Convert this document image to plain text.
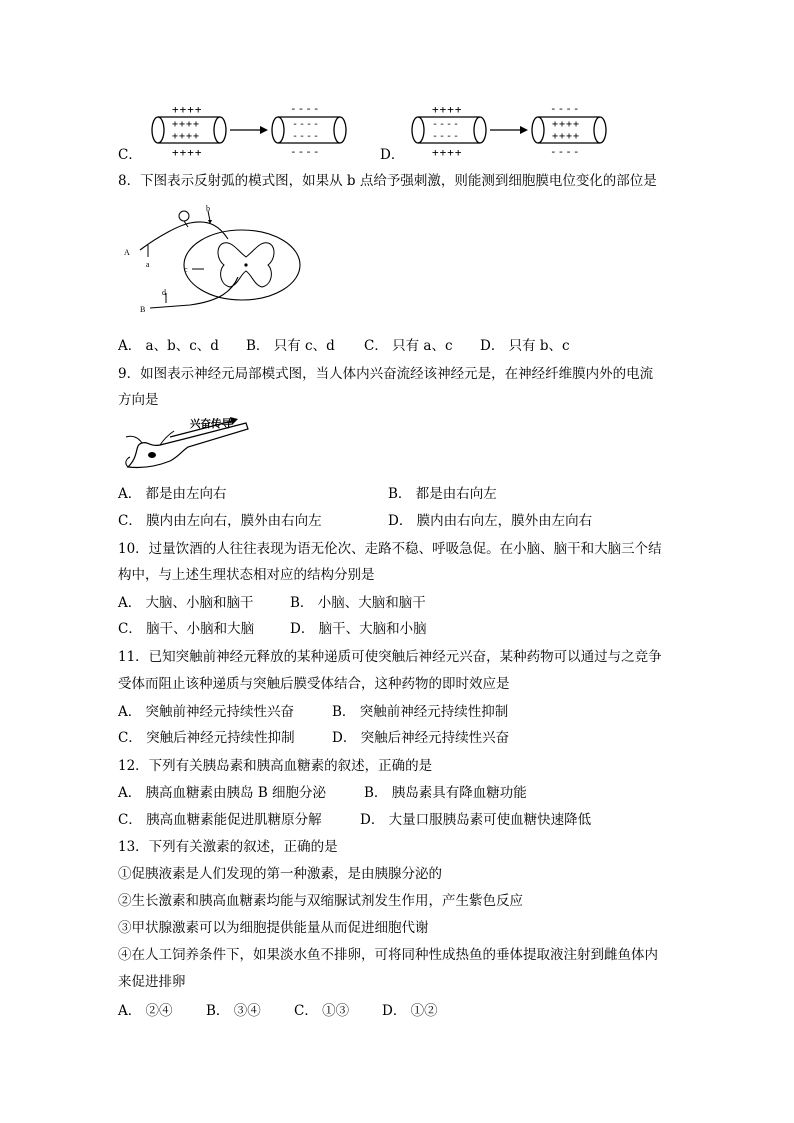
C．	D．
++++
++++
++++
++++
----
----
----
----
++++
----
----
++++
----
++++
++++
----
8．下图表示反射弧的模式图，如果从 b 点给予强刺激，则能测到细胞膜电位变化的部位是
A
a
b
c
d
B
A． a、b、c、d B． 只有 c、d C． 只有 a、c D． 只有 b、c
9．如图表示神经元局部模式图，当人体内兴奋流经该神经元是，在神经纤维膜内外的电流
方向是
兴奋传导
A． 都是由左向右	B． 都是由右向左
C． 膜内由左向右，膜外由右向左	D． 膜内由右向左，膜外由左向右
10．过量饮酒的人往往表现为语无伦次、走路不稳、呼吸急促。在小脑、脑干和大脑三个结
构中，与上述生理状态相对应的结构分别是
A． 大脑、小脑和脑干	B． 小脑、大脑和脑干
C． 脑干、小脑和大脑	D． 脑干、大脑和小脑
11．已知突触前神经元释放的某种递质可使突触后神经元兴奋，某种药物可以通过与之竞争
受体而阻止该种递质与突触后膜受体结合，这种药物的即时效应是
A． 突触前神经元持续性兴奋	B． 突触前神经元持续性抑制
C． 突触后神经元持续性抑制	D． 突触后神经元持续性兴奋
12．下列有关胰岛素和胰高血糖素的叙述，正确的是
A． 胰高血糖素由胰岛 B 细胞分泌	B． 胰岛素具有降血糖功能
C． 胰高血糖素能促进肌糖原分解	D． 大量口服胰岛素可使血糖快速降低
13．下列有关激素的叙述，正确的是
①促胰液素是人们发现的第一种激素，是由胰腺分泌的
②生长激素和胰高血糖素均能与双缩脲试剂发生作用，产生紫色反应
③甲状腺激素可以为细胞提供能量从而促进细胞代谢
④在人工饲养条件下，如果淡水鱼不排卵，可将同种性成热鱼的垂体提取液注射到雌鱼体内
来促进排卵
A． ②④ B． ③④ C． ①③ D． ①②
